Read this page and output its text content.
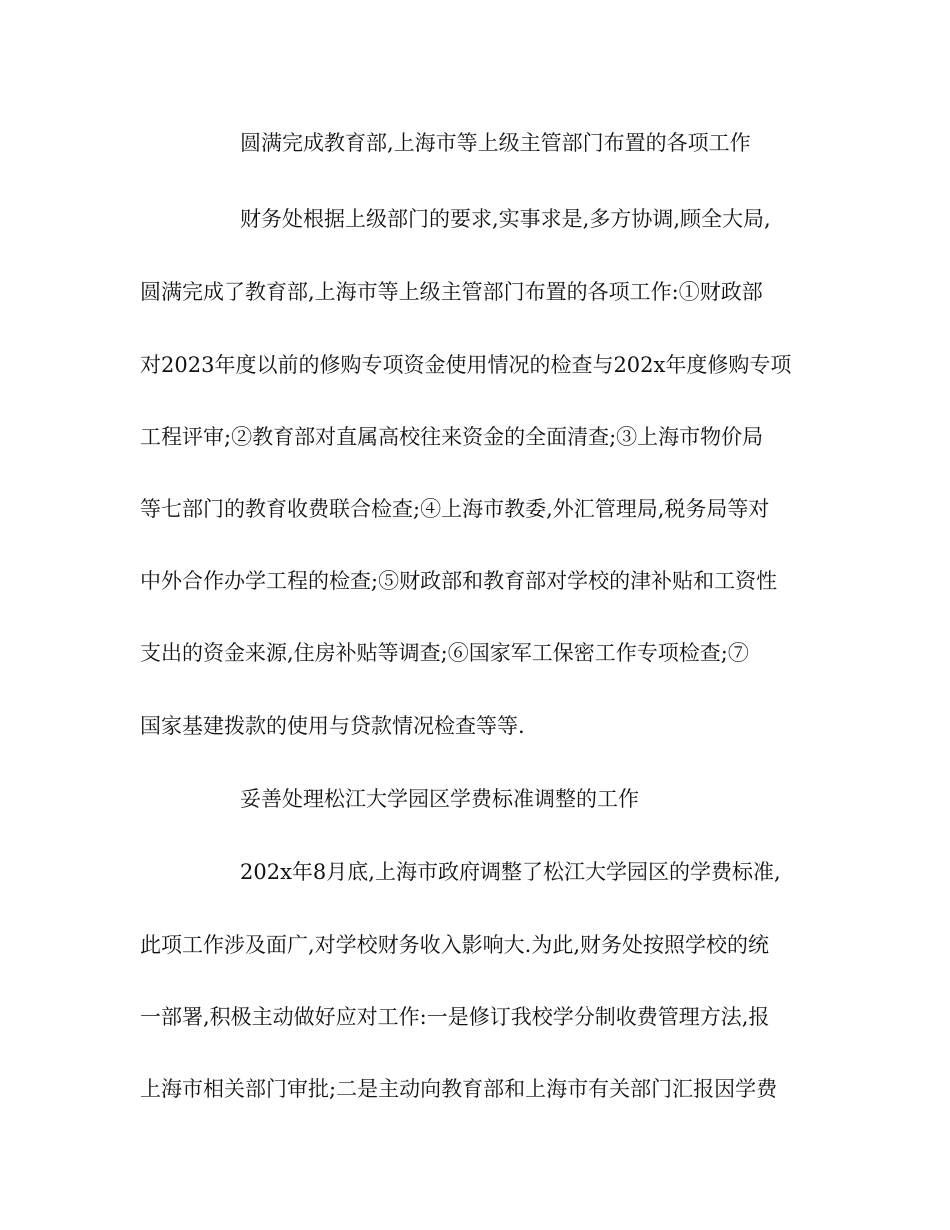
圆满完成教育部,上海市等上级主管部门布置的各项工作
财务处根据上级部门的要求,实事求是,多方协调,顾全大局,
圆满完成了教育部,上海市等上级主管部门布置的各项工作:①财政部
对2023年度以前的修购专项资金使用情况的检查与202x年度修购专项
工程评审;②教育部对直属高校往来资金的全面清查;③上海市物价局
等七部门的教育收费联合检查;④上海市教委,外汇管理局,税务局等对
中外合作办学工程的检查;⑤财政部和教育部对学校的津补贴和工资性
支出的资金来源,住房补贴等调查;⑥国家军工保密工作专项检查;⑦
国家基建拨款的使用与贷款情况检查等等.
妥善处理松江大学园区学费标准调整的工作
202x年8月底,上海市政府调整了松江大学园区的学费标准,
此项工作涉及面广,对学校财务收入影响大.为此,财务处按照学校的统
一部署,积极主动做好应对工作:一是修订我校学分制收费管理方法,报
上海市相关部门审批;二是主动向教育部和上海市有关部门汇报因学费
